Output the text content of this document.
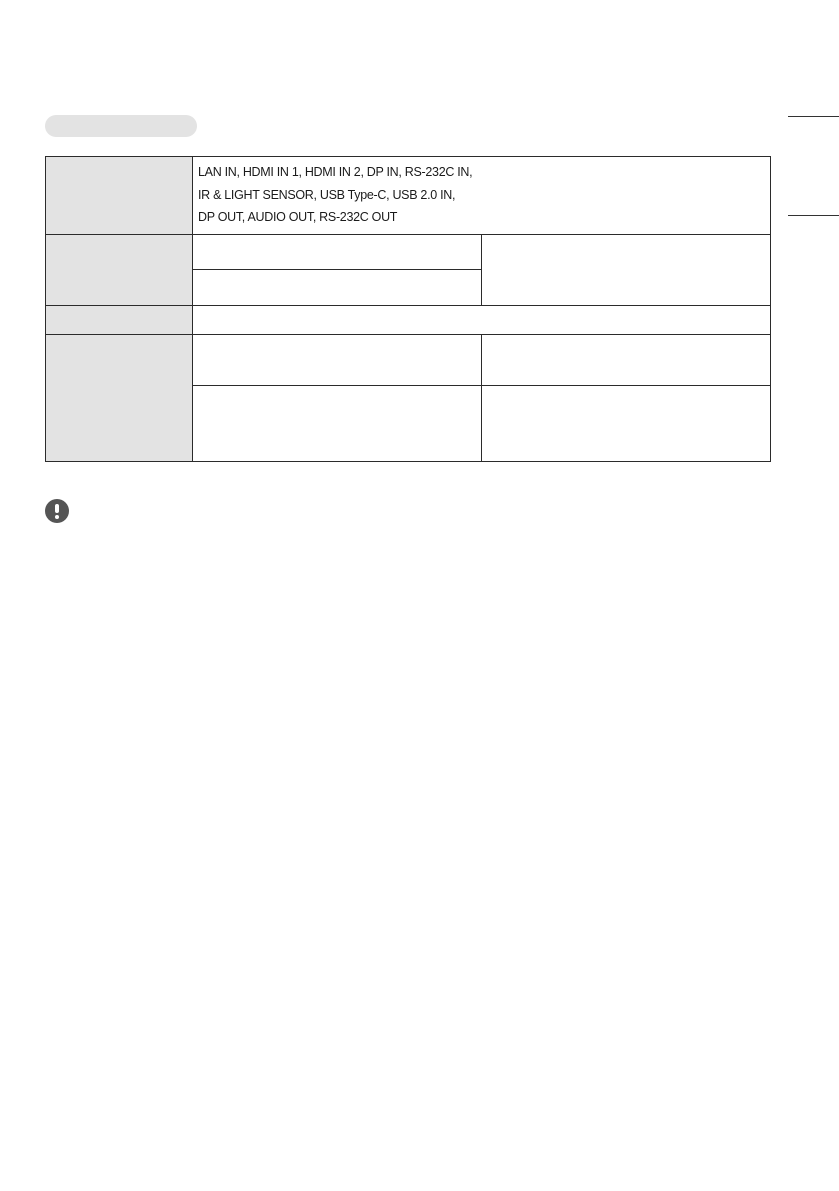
	LAN IN, HDMI IN 1, HDMI IN 2, DP IN, RS-232C IN,
IR & LIGHT SENSOR, USB Type-C, USB 2.0 IN,
DP OUT, AUDIO OUT, RS-232C OUT	
